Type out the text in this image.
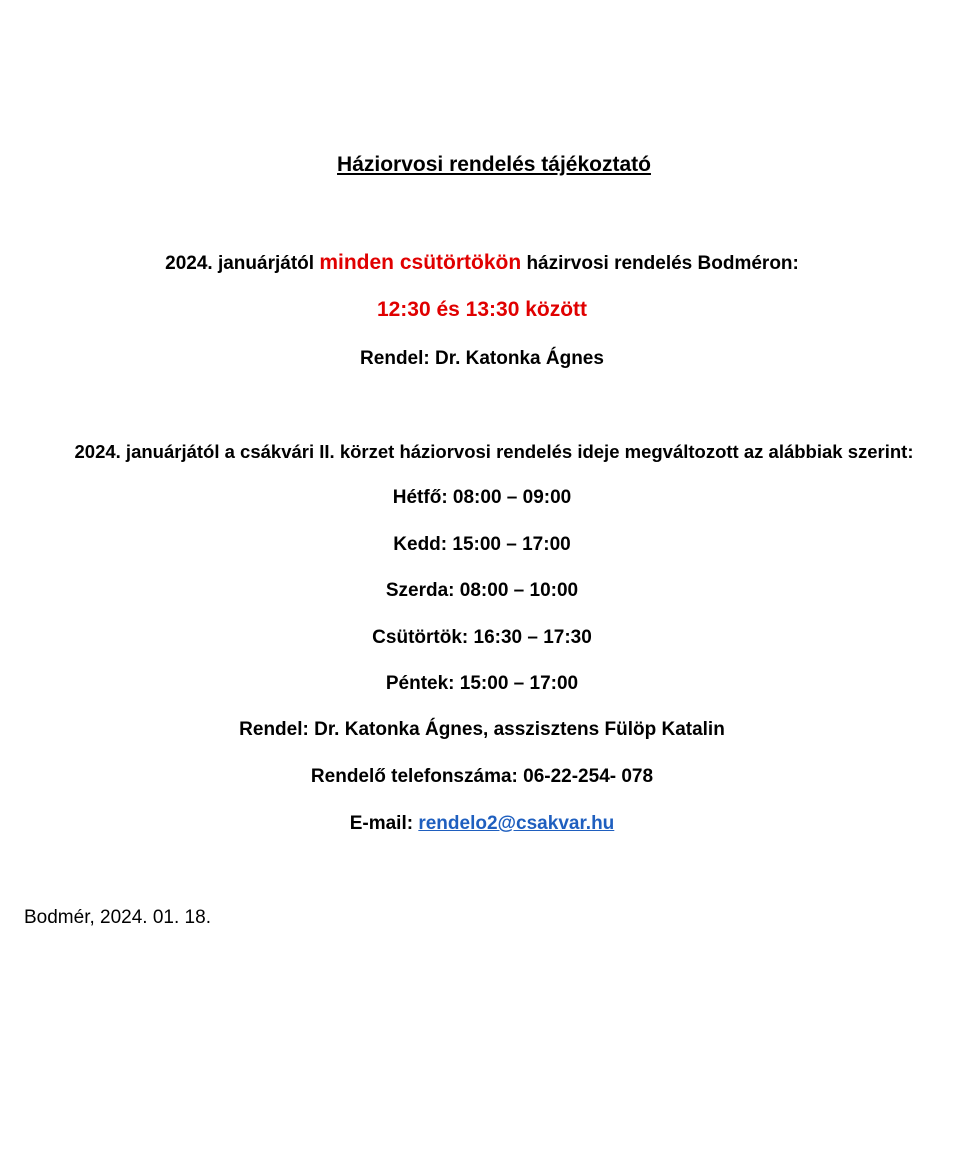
Háziorvosi rendelés tájékoztató
2024. januárjától minden csütörtökön házirvosi rendelés Bodméron:
12:30 és 13:30 között
Rendel: Dr. Katonka Ágnes
2024. januárjától a csákvári II. körzet háziorvosi rendelés ideje megváltozott az alábbiak szerint:
Hétfő: 08:00 – 09:00
Kedd: 15:00 – 17:00
Szerda: 08:00 – 10:00
Csütörtök: 16:30 – 17:30
Péntek: 15:00 – 17:00
Rendel: Dr. Katonka Ágnes, asszisztens Fülöp Katalin
Rendelő telefonszáma: 06-22-254- 078
E-mail: rendelo2@csakvar.hu
Bodmér, 2024. 01. 18.
